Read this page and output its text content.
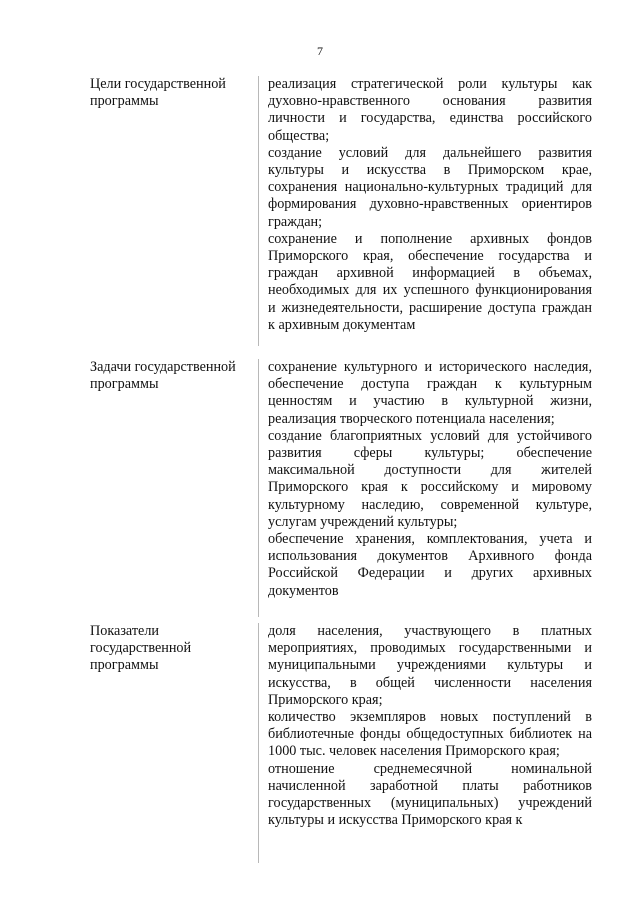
7
Цели государственной программы

реализация стратегической роли культуры как духовно-нравственного основания развития личности и государства, единства российского общества;

создание условий для дальнейшего развития культуры и искусства в Приморском крае, сохранения национально-культурных традиций для формирования духовно-нравственных ориентиров граждан;

сохранение и пополнение архивных фондов Приморского края, обеспечение государства и граждан архивной информацией в объемах, необходимых для их успешного функционирования и жизнедеятельности, расширение доступа граждан к архивным документам

Задачи государственной программы

сохранение культурного и исторического наследия, обеспечение доступа граждан к культурным ценностям и участию в культурной жизни, реализация творческого потенциала населения;

создание благоприятных условий для устойчивого развития сферы культуры; обеспечение максимальной доступности для жителей Приморского края к российскому и мировому культурному наследию, современной культуре, услугам учреждений культуры;

обеспечение хранения, комплектования, учета и использования документов Архивного фонда Российской Федерации и других архивных документов

Показатели государственной программы

доля населения, участвующего в платных мероприятиях, проводимых государственными и муниципальными учреждениями культуры и искусства, в общей численности населения Приморского края;

количество экземпляров новых поступлений в библиотечные фонды общедоступных библиотек на 1000 тыс. человек населения Приморского края;

отношение среднемесячной номинальной начисленной заработной платы работников государственных (муниципальных) учреждений культуры и искусства Приморского края к
